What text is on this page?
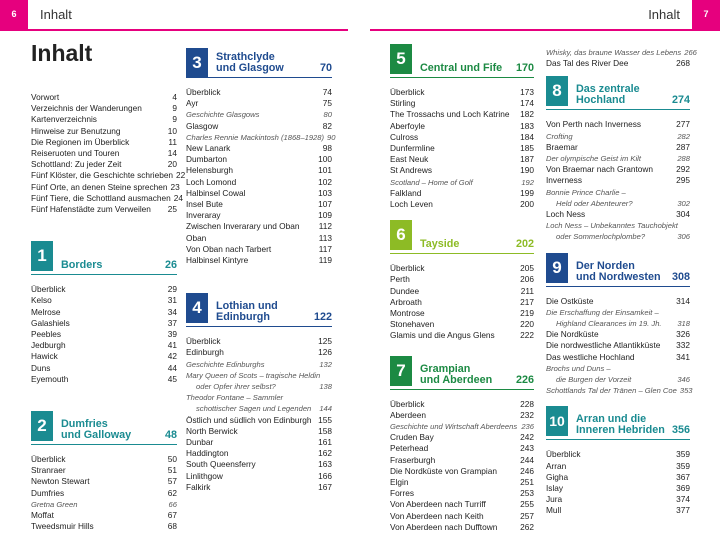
6	Inhalt
Inhalt
Vorwort	4
Verzeichnis der Wanderungen	9
Kartenverzeichnis	9
Hinweise zur Benutzung	10
Die Regionen im Überblick	11
Reiseruoten und Touren	14
Schottland: Zu jeder Zeit	20
Fünf Klöster, die Geschichte schrieben 22
Fünf Orte, an denen Steine sprechen 23
Fünf Tiere, die Schottland ausmachen 24
Fünf Hafenstädte zum Verweilen	25
1	Borders	26
Überblick	29
Kelso	31
Melrose	34
Galashiels	37
Peebles	39
Jedburgh	41
Hawick	42
Duns	44
Eyemouth	45
2	Dumfries
und Galloway	48
Überblick	50
Stranraer	51
Newton Stewart	57
Dumfries	62
Gretna Green	66
Moffat	67
Tweedsmuir Hills	68
3	Strathclyde
und Glasgow	70
Überblick	74
Ayr	75
Geschichte Glasgows	80
Glasgow	82
Charles Rennie Mackintosh (1868–1928) 90
New Lanark	98
Dumbarton	100
Helensburgh	101
Loch Lomond	102
Halbinsel Cowal	103
Insel Bute	107
Inveraray	109
Zwischen Inverarary und Oban	112
Oban	113
Von Oban nach Tarbert	117
Halbinsel Kintyre	119
4	Lothian und
Edinburgh	122
Überblick	125
Edinburgh	126
Geschichte Edinburghs	132
Mary Queen of Scots – tragische Heldin
oder Opfer ihrer selbst?	138
Theodor Fontane – Sammler
schottischer Sagen und Legenden	144
Östlich und südlich von Edinburgh 155
North Berwick	158
Dunbar	161
Haddington	162
South Queensferry	163
Linlithgow	166
Falkirk	167
7
Inhalt
5	Central und Fife 170
Überblick	173
Stirling	174
The Trossachs und Loch Katrine	182
Aberfoyle	183
Culross	184
Dunfermline	185
East Neuk	187
St Andrews	190
Scotland – Home of Golf	192
Falkland	199
Loch Leven	200
6	Tayside	202
Überblick	205
Perth	206
Dundee	211
Arbroath	217
Montrose	219
Stonehaven	220
Glamis und die Angus Glens	222
7	Grampian
und Aberdeen 226
Überblick	228
Aberdeen	232
Geschichte und Wirtschaft Aberdeens 236
Cruden Bay	242
Peterhead	243
Fraserburgh	244
Die Nordküste von Grampian	246
Elgin	251
Forres	253
Von Aberdeen nach Turriff	255
Von Aberdeen nach Keith	257
Von Aberdeen nach Dufftown	262
Whisky, das braune Wasser des Lebens 266
Das Tal des River Dee	268
8	Das zentrale
Hochland	274
Von Perth nach Inverness	277
Crofting	282
Braemar	287
Der olympische Geist im Kilt	288
Von Braemar nach Grantown	292
Inverness	295
Bonnie Prince Charlie –
Held oder Abenteurer?	302
Loch Ness	304
Loch Ness – Unbekanntes Tauchobjekt
oder Sommerlochplombe?	306
9	Der Norden
und Nordwesten 308
Die Ostküste	314
Die Erschaffung der Einsamkeit –
Highland Clearances im 19. Jh.	318
Die Nordküste	326
Die nordwestliche Atlantikküste	332
Das westliche Hochland	341
Brochs und Duns –
die Burgen der Vorzeit	346
Schottlands Tal der Tränen – Glen Coe 353
10 Arran und die
Inneren Hebriden 356
Überblick	359
Arran	359
Gigha	367
Islay	369
Jura	374
Mull	377
